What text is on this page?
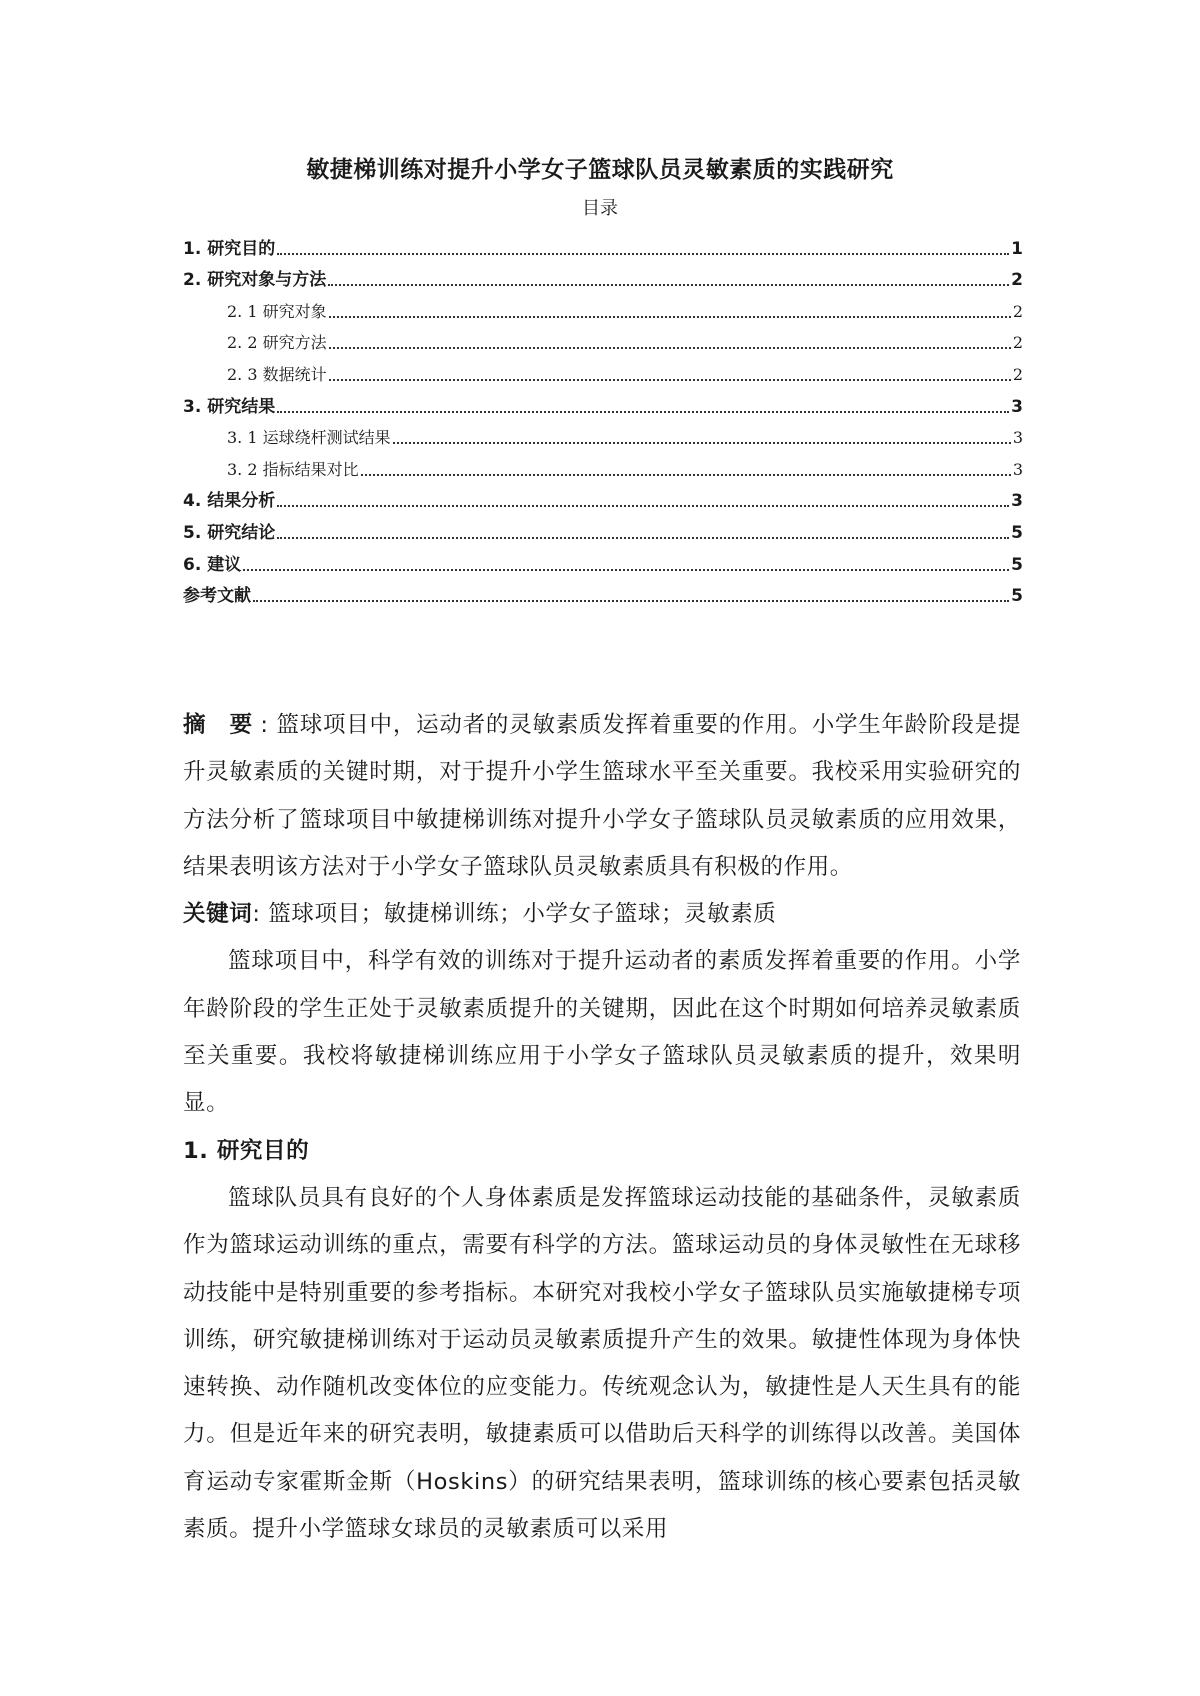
敏捷梯训练对提升小学女子篮球队员灵敏素质的实践研究
目录
1. 研究目的	1
2. 研究对象与方法	2
2. 1 研究对象	2
2. 2 研究方法	2
2. 3 数据统计	2
3. 研究结果	3
3. 1 运球绕杆测试结果	3
3. 2 指标结果对比	3
4. 结果分析	3
5. 研究结论	5
6. 建议	5
参考文献	5

摘 要: 篮球项目中，运动者的灵敏素质发挥着重要的作用。小学生年龄阶段是提升灵敏素质的关键时期，对于提升小学生篮球水平至关重要。我校采用实验研究的方法分析了篮球项目中敏捷梯训练对提升小学女子篮球队员灵敏素质的应用效果，结果表明该方法对于小学女子篮球队员灵敏素质具有积极的作用。

关键词: 篮球项目；敏捷梯训练；小学女子篮球；灵敏素质

篮球项目中，科学有效的训练对于提升运动者的素质发挥着重要的作用。小学年龄阶段的学生正处于灵敏素质提升的关键期，因此在这个时期如何培养灵敏素质至关重要。我校将敏捷梯训练应用于小学女子篮球队员灵敏素质的提升，效果明显。

1. 研究目的

篮球队员具有良好的个人身体素质是发挥篮球运动技能的基础条件，灵敏素质作为篮球运动训练的重点，需要有科学的方法。篮球运动员的身体灵敏性在无球移动技能中是特别重要的参考指标。本研究对我校小学女子篮球队员实施敏捷梯专项训练，研究敏捷梯训练对于运动员灵敏素质提升产生的效果。敏捷性体现为身体快速转换、动作随机改变体位的应变能力。传统观念认为，敏捷性是人天生具有的能力。但是近年来的研究表明，敏捷素质可以借助后天科学的训练得以改善。美国体育运动专家霍斯金斯（Hoskins）的研究结果表明，篮球训练的核心要素包括灵敏素质。提升小学篮球女球员的灵敏素质可以采用
